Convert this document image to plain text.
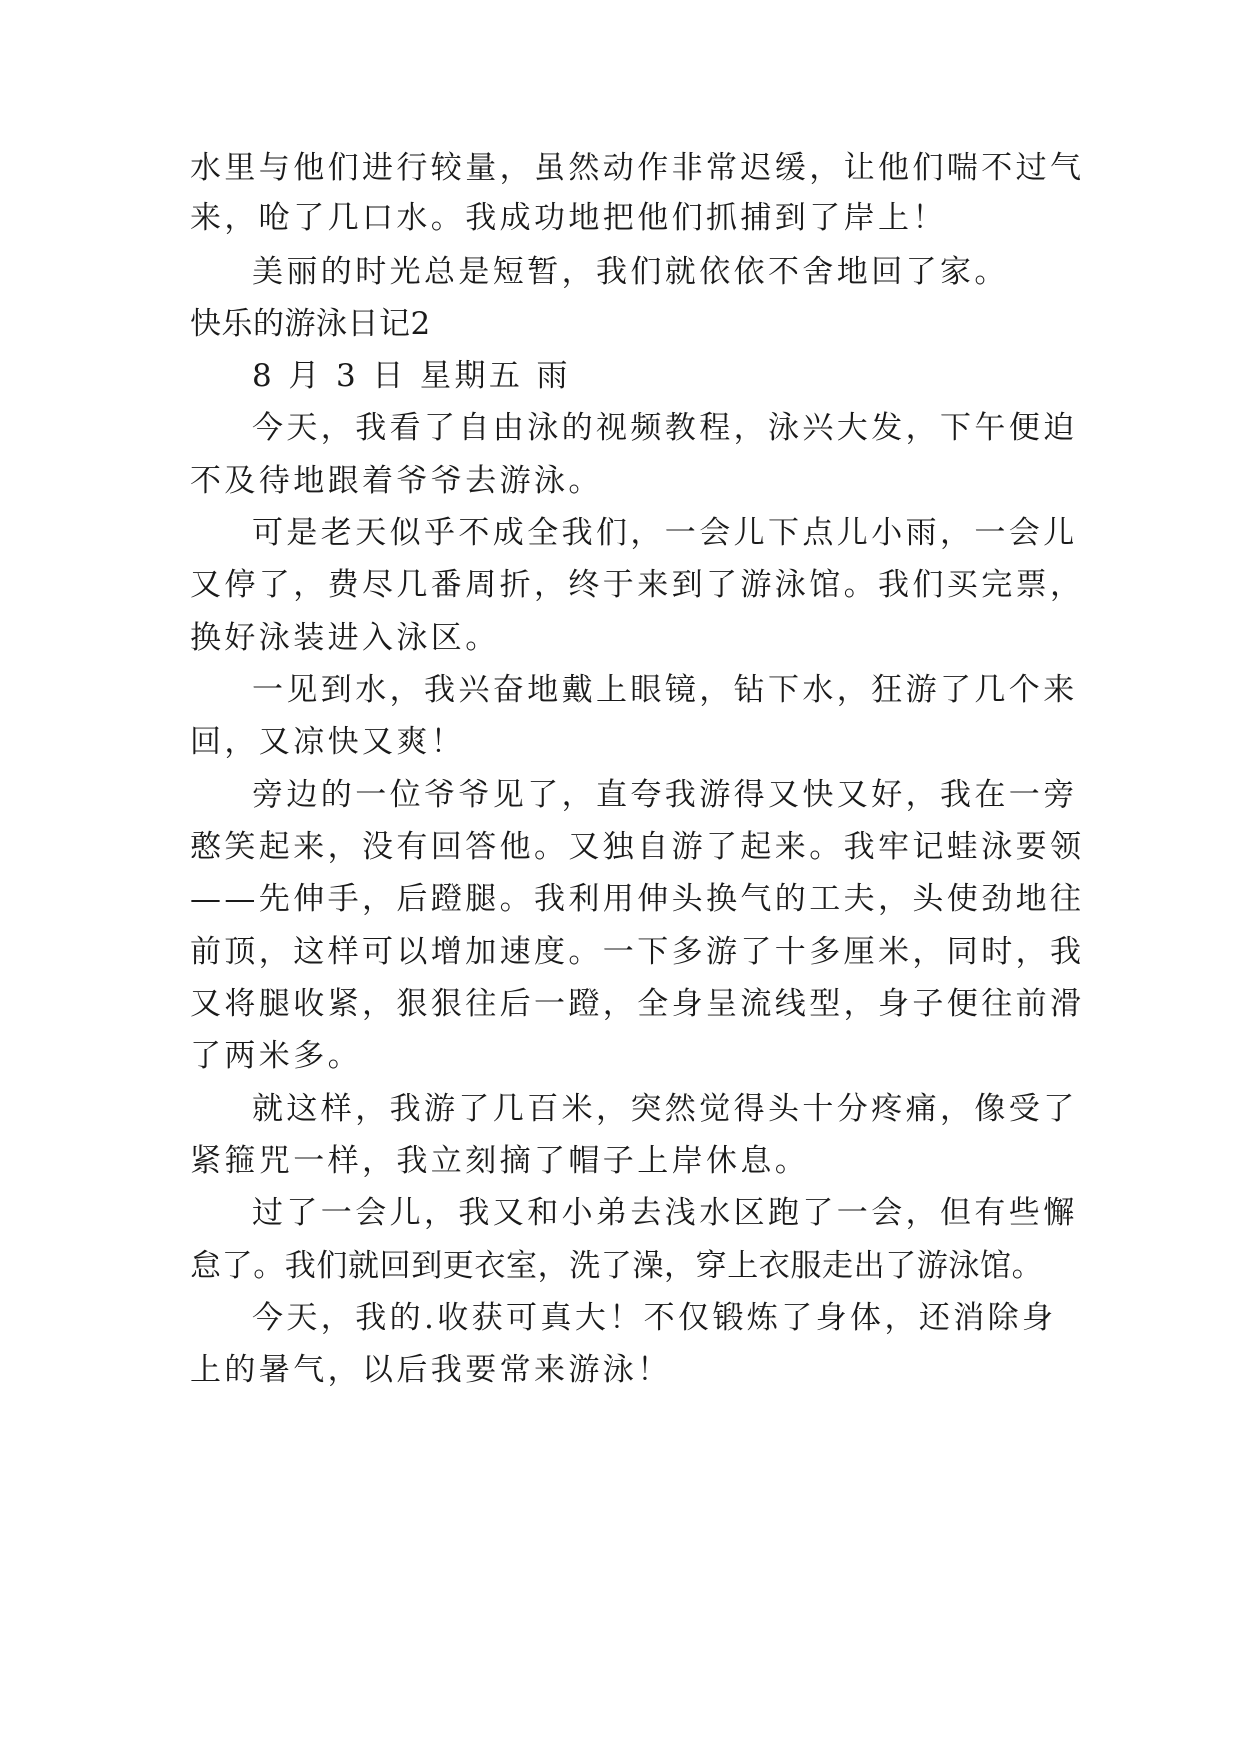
水里与他们进行较量，虽然动作非常迟缓，让他们喘不过气
来，呛了几口水。我成功地把他们抓捕到了岸上！
美丽的时光总是短暂，我们就依依不舍地回了家。
快乐的游泳日记2
8 月 3 日 星期五 雨
今天，我看了自由泳的视频教程，泳兴大发，下午便迫
不及待地跟着爷爷去游泳。
可是老天似乎不成全我们，一会儿下点儿小雨，一会儿
又停了，费尽几番周折，终于来到了游泳馆。我们买完票，
换好泳装进入泳区。
一见到水，我兴奋地戴上眼镜，钻下水，狂游了几个来
回，又凉快又爽！
旁边的一位爷爷见了，直夸我游得又快又好，我在一旁
憨笑起来，没有回答他。又独自游了起来。我牢记蛙泳要领
——先伸手，后蹬腿。我利用伸头换气的工夫，头使劲地往
前顶，这样可以增加速度。一下多游了十多厘米，同时，我
又将腿收紧，狠狠往后一蹬，全身呈流线型，身子便往前滑
了两米多。
就这样，我游了几百米，突然觉得头十分疼痛，像受了
紧箍咒一样，我立刻摘了帽子上岸休息。
过了一会儿，我又和小弟去浅水区跑了一会，但有些懈
怠了。我们就回到更衣室，洗了澡，穿上衣服走出了游泳馆。
今天，我的.收获可真大！不仅锻炼了身体，还消除身
上的暑气，以后我要常来游泳！
